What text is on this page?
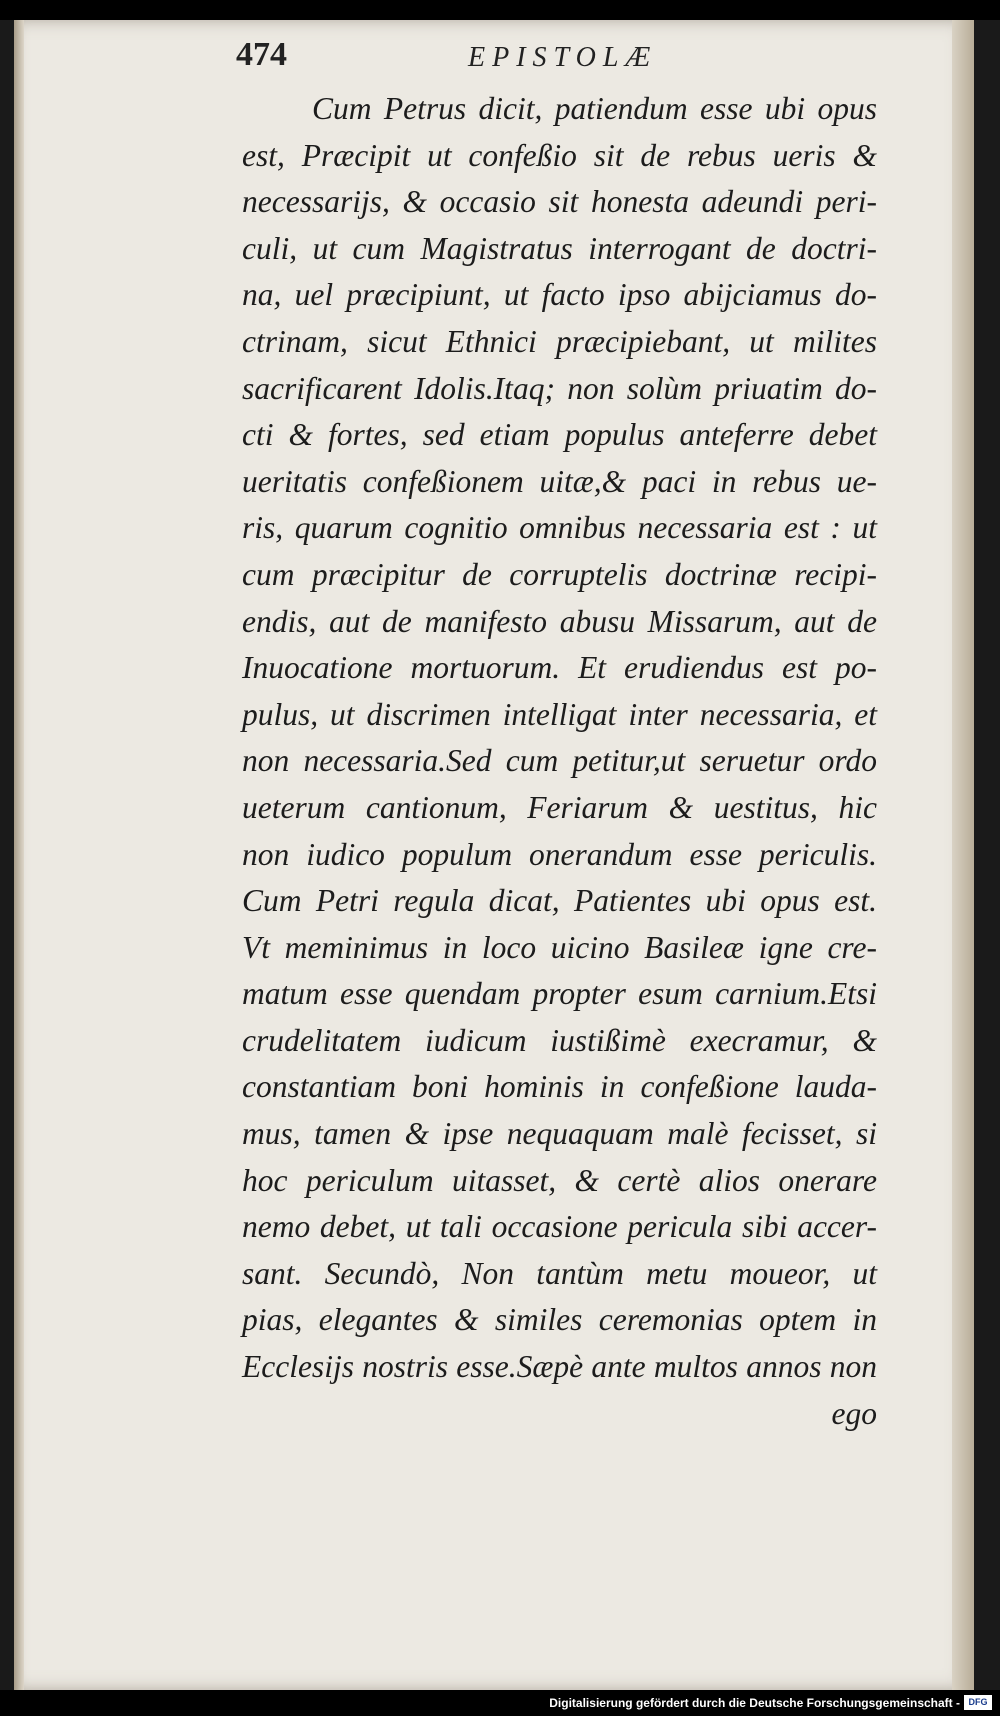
474	EPISTOLÆ
Cum Petrus dicit, patiendum esse ubi opus
est, Præcipit ut confeßio sit de rebus ueris &
necessarijs, & occasio sit honesta adeundi peri-
culi, ut cum Magistratus interrogant de doctri-
na, uel præcipiunt, ut facto ipso abijciamus do-
ctrinam, sicut Ethnici præcipiebant, ut milites
sacrificarent Idolis.Itaq; non solùm priuatim do-
cti & fortes, sed etiam populus anteferre debet
ueritatis confeßionem uitæ,& paci in rebus ue-
ris, quarum cognitio omnibus necessaria est : ut
cum præcipitur de corruptelis doctrinæ recipi-
endis, aut de manifesto abusu Missarum, aut de
Inuocatione mortuorum. Et erudiendus est po-
pulus, ut discrimen intelligat inter necessaria, et
non necessaria.Sed cum petitur,ut seruetur ordo
ueterum cantionum, Feriarum & uestitus, hic
non iudico populum onerandum esse periculis.
Cum Petri regula dicat, Patientes ubi opus est.
Vt meminimus in loco uicino Basileæ igne cre-
matum esse quendam propter esum carnium.Etsi
crudelitatem iudicum iustißimè execramur, &
constantiam boni hominis in confeßione lauda-
mus, tamen & ipse nequaquam malè fecisset, si
hoc periculum uitasset, & certè alios onerare
nemo debet, ut tali occasione pericula sibi accer-
sant. Secundò, Non tantùm metu moueor, ut
pias, elegantes & similes ceremonias optem in
Ecclesijs nostris esse.Sæpè ante multos annos non
ego
Digitalisierung gefördert durch die Deutsche Forschungsgemeinschaft - DFG
